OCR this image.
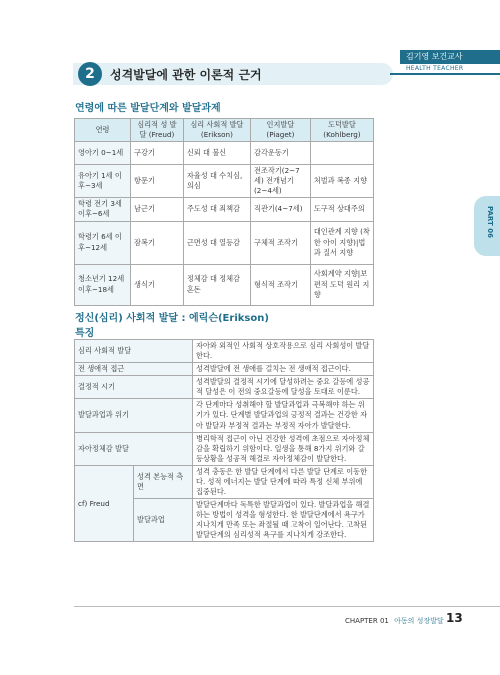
김기영 보건교사
HEALTH TEACHER
2	성격발달에 관한 이론적 근거
연령에 따른 발달단계와 발달과제
연령	심리적 성 발달 (Freud)	심리 사회적 발달 (Erikson)	인지발달 (Piaget)	도덕발달 (Kohlberg)
영아기 0~1세	구강기	신뢰 대 불신	감각운동기	
유아기 1세 이후~3세	항문기	자율성 대 수치심, 의심	전조작기(2~7세) 전개념기(2~4세)	처벌과 복종 지향
학령 전기 3세 이후~6세	남근기	주도성 대 죄책감	직관기(4~7세)	도구적 상대주의
학령기 6세 이후~12세	잠복기	근면성 대 열등감	구체적 조작기	대인관계 지향 (착한 아이 지향)|법과 질서 지향
청소년기 12세 이후~18세	생식기	정체감 대 정체감 혼돈	형식적 조작기	사회계약 지향|보편적 도덕 원리 지향
정신(심리) 사회적 발달 : 에릭슨(Erikson)
특징
심리 사회적 발달		자아와 외적인 사회적 상호작용으로 심리 사회성이 발달한다.
전 생애적 접근		성격발달에 전 생애를 걸치는 전 생애적 접근이다.
결정적 시기		성격발달의 결정적 시기에 달성하려는 중요 갈등에 성공적 달성은 이 전의 중요갈등에 달성을 토대로 이룬다.
발달과업과 위기		각 단계마다 성취해야 할 발달과업과 극복해야 하는 위기가 있다. 단계별 발달과업의 긍정적 결과는 건강한 자아 발달과 부정적 결과는 부정적 자아가 발달한다.
자아정체감 발달		병리학적 접근이 아닌 건강한 성격에 초점으로 자아정체감을 확립하기 위함이다. 일생을 통해 8가지 위기와 갈등상황을 성공적 해결로 자아정체감이 발달한다.
cf) Freud	성격 본능적 측면	성격 충동은 한 발달 단계에서 다른 발달 단계로 이동한다. 성적 에너지는 발달 단계에 따라 특정 신체 부위에 집중된다.
	발달과업	발달단계마다 독특한 발달과업이 있다. 발달과업을 해결하는 방법이 성격을 형성한다. 한 발달단계에서 욕구가 지나치게 만족 또는 좌절될 때 고착이 일어난다. 고착된 발달단계의 심리성적 욕구를 지나치게 강조한다.
PART 06
CHAPTER 01 아동의 성장발달 13
